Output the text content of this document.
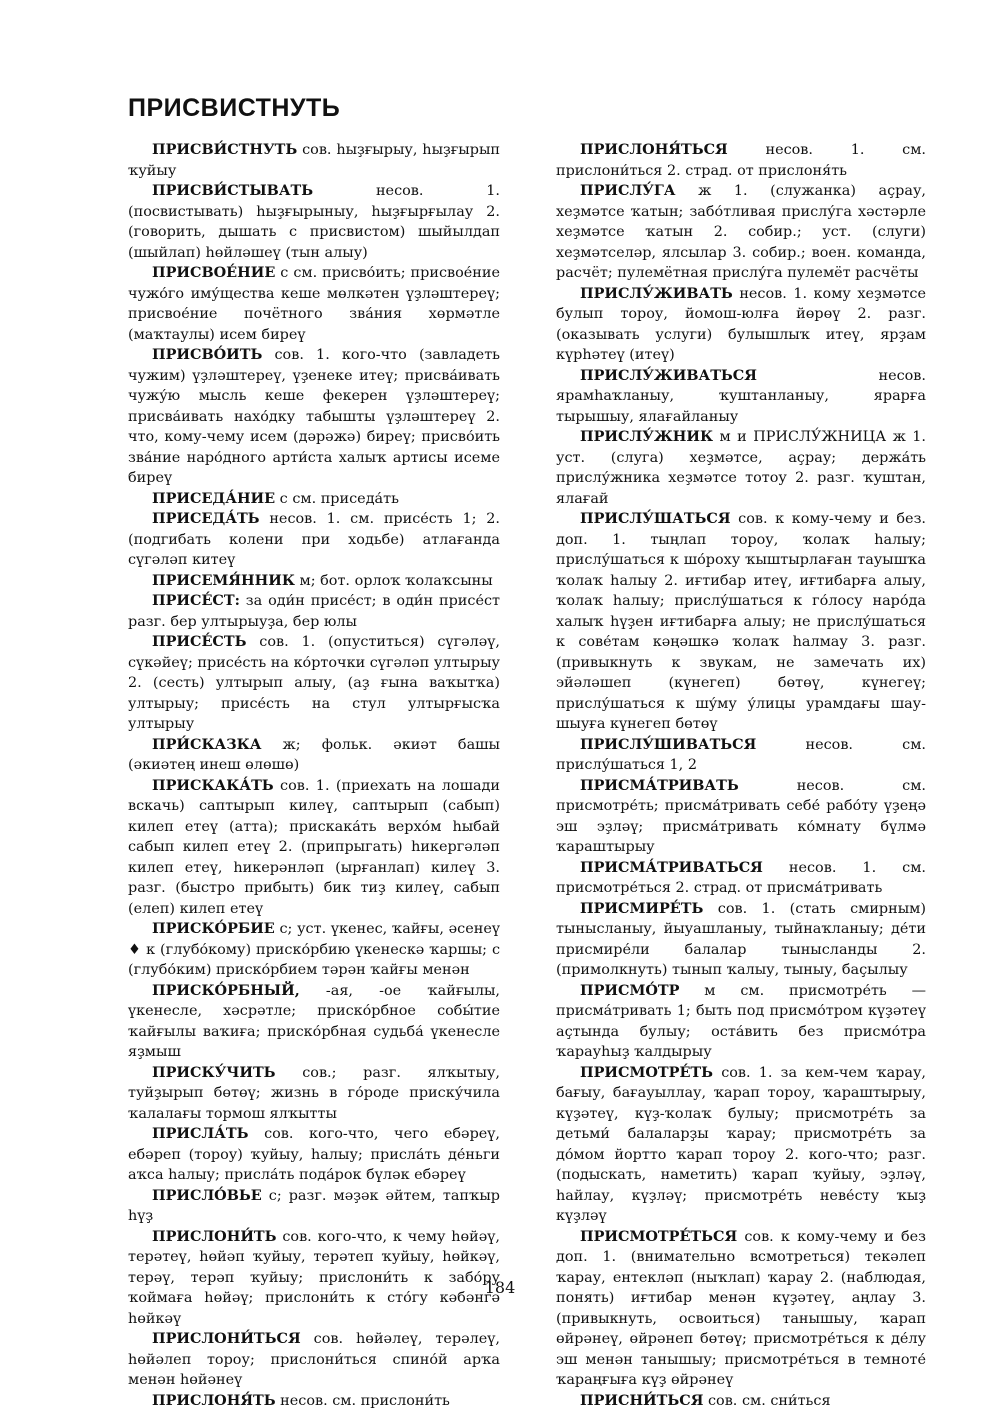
ПРИСВИСТНУТЬ

ПРИСВИ́СТНУТЬ сов. һыҙғырыу, һыҙғырып ҡуйыу

ПРИСВИ́СТЫВАТЬ несов. 1. (посвистывать) һыҙғырыныу, һыҙғырғылау 2. (говорить, дышать с присвистом) шыйылдап (шыйлап) һөйләшеү (тын алыу)

ПРИСВОЕ́НИЕ с см. присво́ить; присвое́ние чужо́го иму́щества кеше мөлкәтен үҙләштереү; присвое́ние почётного зва́ния хөрмәтле (маҡтаулы) исем биреү

ПРИСВО́ИТЬ сов. 1. кого-что (завладеть чужим) үҙләштереү, үҙенеке итеү; присва́ивать чужу́ю мысль кеше фекерен үҙләштереү; присва́ивать нахо́дку табышты үҙләштереү 2. что, кому-чему исем (дәрәжә) биреү; присво́ить зва́ние наро́дного арти́ста халыҡ артисы исеме биреү

ПРИСЕДА́НИЕ с см. приседа́ть

ПРИСЕДА́ТЬ несов. 1. см. присе́сть 1; 2. (подгибать колени при ходьбе) атлағанда сүгәләп китеү

ПРИСЕМЯ́ННИК м; бот. орлоҡ ҡолаҡсыны

ПРИСЕ́СТ: за оди́н присе́ст; в оди́н присе́ст разг. бер ултырыуҙа, бер юлы

ПРИСЕ́СТЬ сов. 1. (опуститься) сүгәләү, сүкәйеү; присе́сть на ко́рточки сүгәләп ултырыу 2. (сесть) ултырып алыу, (аҙ ғына ваҡытҡа) ултырыу; присе́сть на стул ултырғысҡа ултырыу

ПРИ́СКАЗКА ж; фольк. әкиәт башы (әкиәтең инеш өлөшө)

ПРИСКАКА́ТЬ сов. 1. (приехать на лошади вскачь) саптырып килеү, саптырып (сабып) килеп етеү (атта); прискака́ть верхо́м һыбай сабып килеп етеү 2. (припрыгать) һикергәләп килеп етеү, һикерәнләп (ырғанлап) килеү 3. разг. (быстро прибыть) бик тиҙ килеү, сабып (елеп) килеп етеү

ПРИСКО́РБИЕ с; уст. үкенес, ҡайғы, әсенеү ♦ к (глубо́кому) приско́рбию үкенескә ҡаршы; с (глубо́ким) приско́рбием тәрән ҡайғы менән

ПРИСКО́РБНЫЙ, -ая, -ое ҡайғылы, үкенесле, хәсрәтле; приско́рбное собы́тие ҡайғылы ваҡиға; приско́рбная судьба́ үкенесле яҙмыш

ПРИСКУ́ЧИТЬ сов.; разг. ялҡытыу, туйҙырып бөтөү; жизнь в го́роде приску́чила ҡалалағы тормош ялҡытты

ПРИСЛА́ТЬ сов. кого-что, чего ебәреү, ебәреп (тороу) ҡуйыу, һалыу; присла́ть де́ньги аҡса һалыу; присла́ть пода́рок бүләк ебәреү

ПРИСЛО́ВЬЕ с; разг. мәҙәк әйтем, тапҡыр һүҙ

ПРИСЛОНИ́ТЬ сов. кого-что, к чему һөйәү, терәтеү, һөйәп ҡуйыу, терәтеп ҡуйыу, һөйкәү, терәү, терәп ҡуйыу; прислони́ть к забо́ру ҡоймаға һөйәү; прислони́ть к сто́гу кәбәнгә һөйкәү

ПРИСЛОНИ́ТЬСЯ сов. һөйәлеү, терәлеү, һөйәлеп тороу; прислони́ться спино́й арҡа менән һөйәнеү

ПРИСЛОНЯ́ТЬ несов. см. прислони́ть

ПРИСЛОНЯ́ТЬСЯ несов. 1. см. прислони́ться 2. страд. от прислоня́ть

ПРИСЛУ́ГА ж 1. (служанка) аҫрау, хеҙмәтсе ҡатын; забо́тливая прислу́га хәстәрле хеҙмәтсе ҡатын 2. собир.; уст. (слуги) хеҙмәтселәр, ялсылар 3. собир.; воен. команда, расчёт; пулемётная прислу́га пулемёт расчёты

ПРИСЛУ́ЖИВАТЬ несов. 1. кому хеҙмәтсе булып тороу, йомош-юлға йөрөү 2. разг. (оказывать услуги) булышлыҡ итеү, ярҙам күрһәтеү (итеү)

ПРИСЛУ́ЖИВАТЬСЯ несов. ярамһаҡланыу, ҡуштанланыу, ярарға тырышыу, ялағайланыу

ПРИСЛУ́ЖНИК м и ПРИСЛУ́ЖНИЦА ж 1. уст. (слуга) хеҙмәтсе, аҫрау; держа́ть прислу́жника хеҙмәтсе тотоу 2. разг. ҡуштан, ялағай

ПРИСЛУ́ШАТЬСЯ сов. к кому-чему и без. доп. 1. тыңлап тороу, ҡолаҡ һалыу; прислу́шаться к шо́роху ҡыштырлаған тауышҡа ҡолаҡ һалыу 2. иғтибар итеү, иғтибарға алыу, ҡолаҡ һалыу; прислу́шаться к го́лосу наро́да халыҡ һүҙен иғтибарға алыу; не прислу́шаться к сове́там кәңәшкә ҡолаҡ һалмау 3. разг. (привыкнуть к звукам, не замечать их) эйәләшеп (күнегеп) бөтөү, күнегеү; прислу́шаться к шу́му у́лицы урамдағы шау-шыуға күнегеп бөтөү

ПРИСЛУ́ШИВАТЬСЯ несов. см. прислу́шаться 1, 2

ПРИСМА́ТРИВАТЬ несов. см. присмотре́ть; присма́тривать себе́ рабо́ту үҙеңә эш эҙләү; присма́тривать ко́мнату бүлмә ҡараштырыу

ПРИСМА́ТРИВАТЬСЯ несов. 1. см. присмотре́ться 2. страд. от присма́тривать

ПРИСМИРЕ́ТЬ сов. 1. (стать смирным) тынысланыу, йыуашланыу, тыйнаҡланыу; де́ти присмире́ли балалар тынысланды 2. (примолкнуть) тынып ҡалыу, тыныу, баҫылыу

ПРИСМО́ТР м см. присмотре́ть — присма́тривать 1; быть под присмо́тром күҙәтеү аҫтында булыу; оста́вить без присмо́тра ҡарауһыҙ ҡалдырыу

ПРИСМОТРЕ́ТЬ сов. 1. за кем-чем ҡарау, бағыу, бағауыллау, ҡарап тороу, ҡараштырыу, күҙәтеү, күҙ-ҡолаҡ булыу; присмотре́ть за детьми́ балаларҙы ҡарау; присмотре́ть за до́мом йортто ҡарап тороу 2. кого-что; разг. (подыскать, наметить) ҡарап ҡуйыу, эҙләү, һайлау, күҙләү; присмотре́ть неве́сту ҡыҙ күҙләү

ПРИСМОТРЕ́ТЬСЯ сов. к кому-чему и без доп. 1. (внимательно всмотреться) текәлеп ҡарау, ентекләп (ныҡлап) ҡарау 2. (наблюдая, понять) иғтибар менән күҙәтеү, аңлау 3. (привыкнуть, освоиться) танышыу, ҡарап өйрәнеү, өйрәнеп бөтөү; присмотре́ться к де́лу эш менән танышыу; присмотре́ться в темноте́ ҡараңғыға күҙ өйрәнеү

ПРИСНИ́ТЬСЯ сов. см. сни́ться

184
